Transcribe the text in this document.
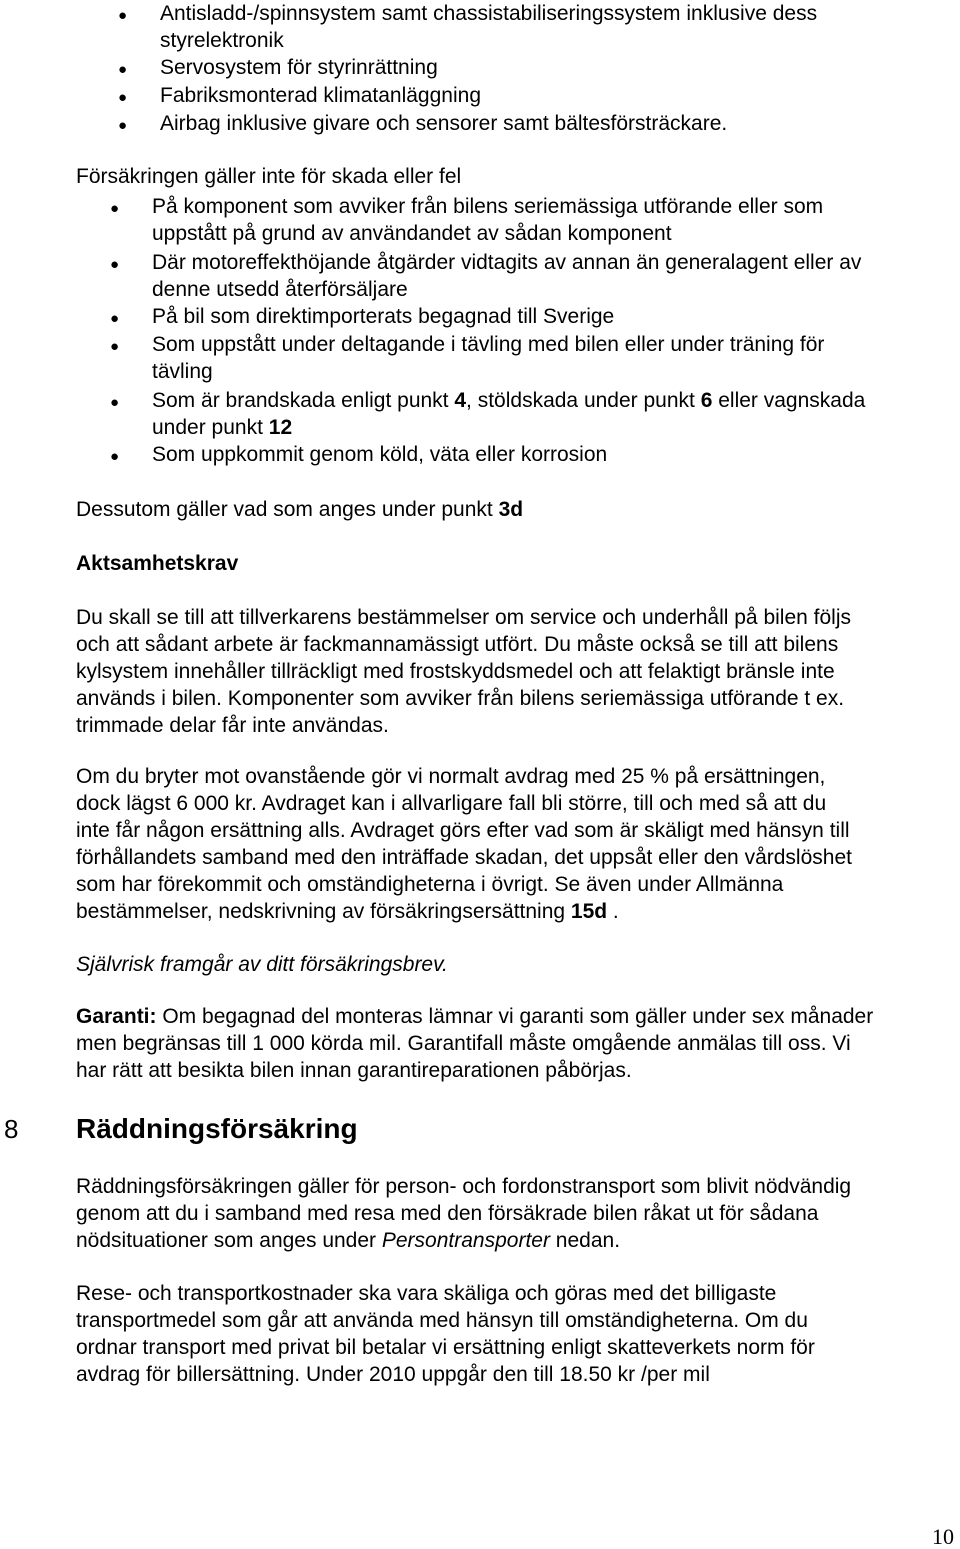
● Antisladd-/spinnsystem samt chassistabiliseringssystem inklusive dess
styrelektronik
● Servosystem för styrinrättning
● Fabriksmonterad klimatanläggning
● Airbag inklusive givare och sensorer samt bältesförsträckare.
Försäkringen gäller inte för skada eller fel
● På komponent som avviker från bilens seriemässiga utförande eller som
uppstått på grund av användandet av sådan komponent
● Där motoreffekthöjande åtgärder vidtagits av annan än generalagent eller av
denne utsedd återförsäljare
● På bil som direktimporterats begagnad till Sverige
● Som uppstått under deltagande i tävling med bilen eller under träning för
tävling
● Som är brandskada enligt punkt 4, stöldskada under punkt 6 eller vagnskada
under punkt 12
● Som uppkommit genom köld, väta eller korrosion
Dessutom gäller vad som anges under punkt 3d
Aktsamhetskrav
Du skall se till att tillverkarens bestämmelser om service och underhåll på bilen följs
och att sådant arbete är fackmannamässigt utfört. Du måste också se till att bilens
kylsystem innehåller tillräckligt med frostskyddsmedel och att felaktigt bränsle inte
används i bilen. Komponenter som avviker från bilens seriemässiga utförande t ex.
trimmade delar får inte användas.
Om du bryter mot ovanstående gör vi normalt avdrag med 25 % på ersättningen,
dock lägst 6 000 kr. Avdraget kan i allvarligare fall bli större, till och med så att du
inte får någon ersättning alls. Avdraget görs efter vad som är skäligt med hänsyn till
förhållandets samband med den inträffade skadan, det uppsåt eller den vårdslöshet
som har förekommit och omständigheterna i övrigt. Se även under Allmänna
bestämmelser, nedskrivning av försäkringsersättning 15d .
Självrisk framgår av ditt försäkringsbrev.
Garanti: Om begagnad del monteras lämnar vi garanti som gäller under sex månader
men begränsas till 1 000 körda mil. Garantifall måste omgående anmälas till oss. Vi
har rätt att besikta bilen innan garantireparationen påbörjas.
8 Räddningsförsäkring
Räddningsförsäkringen gäller för person- och fordonstransport som blivit nödvändig
genom att du i samband med resa med den försäkrade bilen råkat ut för sådana
nödsituationer som anges under Persontransporter nedan.
Rese- och transportkostnader ska vara skäliga och göras med det billigaste
transportmedel som går att använda med hänsyn till omständigheterna. Om du
ordnar transport med privat bil betalar vi ersättning enligt skatteverkets norm för
avdrag för billersättning. Under 2010 uppgår den till 18.50 kr /per mil
10
